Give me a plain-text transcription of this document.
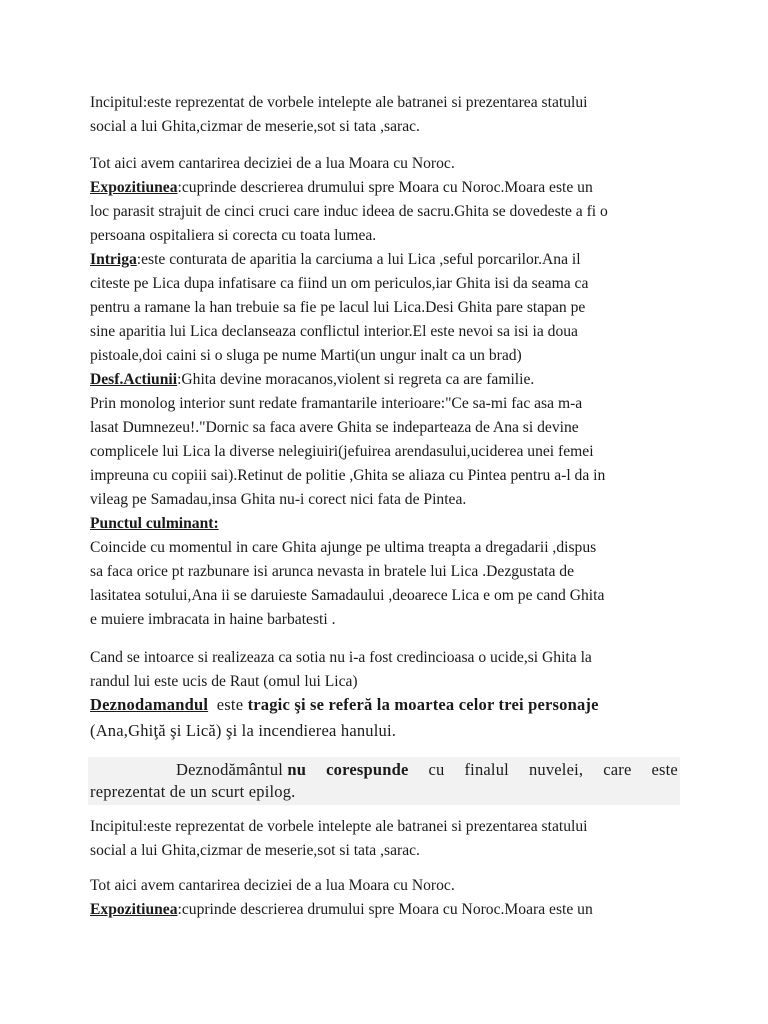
Incipitul:este reprezentat de vorbele intelepte ale batranei si prezentarea statului
social a lui Ghita,cizmar de meserie,sot si tata ,sarac.
Tot aici avem cantarirea deciziei de a lua Moara cu Noroc.
Expozitiunea:cuprinde descrierea drumului spre Moara cu Noroc.Moara este un
loc parasit strajuit de cinci cruci care induc ideea de sacru.Ghita se dovedeste a fi o
persoana ospitaliera si corecta cu toata lumea.
Intriga:este conturata de aparitia la carciuma a lui Lica ,seful porcarilor.Ana il
citeste pe Lica dupa infatisare ca fiind un om periculos,iar Ghita isi da seama ca
pentru a ramane la han trebuie sa fie pe lacul lui Lica.Desi Ghita pare stapan pe
sine aparitia lui Lica declanseaza conflictul interior.El este nevoi sa isi ia doua
pistoale,doi caini si o sluga pe nume Marti(un ungur inalt ca un brad)
Desf.Actiunii:Ghita devine moracanos,violent si regreta ca are familie.
Prin monolog interior sunt redate framantarile interioare:"Ce sa-mi fac asa m-a
lasat Dumnezeu!."Dornic sa faca avere Ghita se indeparteaza de Ana si devine
complicele lui Lica la diverse nelegiuiri(jefuirea arendasului,uciderea unei femei
impreuna cu copiii sai).Retinut de politie ,Ghita se aliaza cu Pintea pentru a-l da in
vileag pe Samadau,insa Ghita nu-i corect nici fata de Pintea.
Punctul culminant:
Coincide cu momentul in care Ghita ajunge pe ultima treapta a dregadarii ,dispus
sa faca orice pt razbunare isi arunca nevasta in bratele lui Lica .Dezgustata de
lasitatea sotului,Ana ii se daruieste Samadaului ,deoarece Lica e om pe cand Ghita
e muiere imbracata in haine barbatesti .
Cand se intoarce si realizeaza ca sotia nu i-a fost credincioasa o ucide,si Ghita la
randul lui este ucis de Raut (omul lui Lica)
Deznodamandul este tragic şi se referă la moartea celor trei personaje
(Ana,Ghiţă şi Lică) şi la incendierea hanului.
Deznodământul nu corespunde cu finalul nuvelei, care este
reprezentat de un scurt epilog.
Incipitul:este reprezentat de vorbele intelepte ale batranei si prezentarea statului
social a lui Ghita,cizmar de meserie,sot si tata ,sarac.
Tot aici avem cantarirea deciziei de a lua Moara cu Noroc.
Expozitiunea:cuprinde descrierea drumului spre Moara cu Noroc.Moara este un
